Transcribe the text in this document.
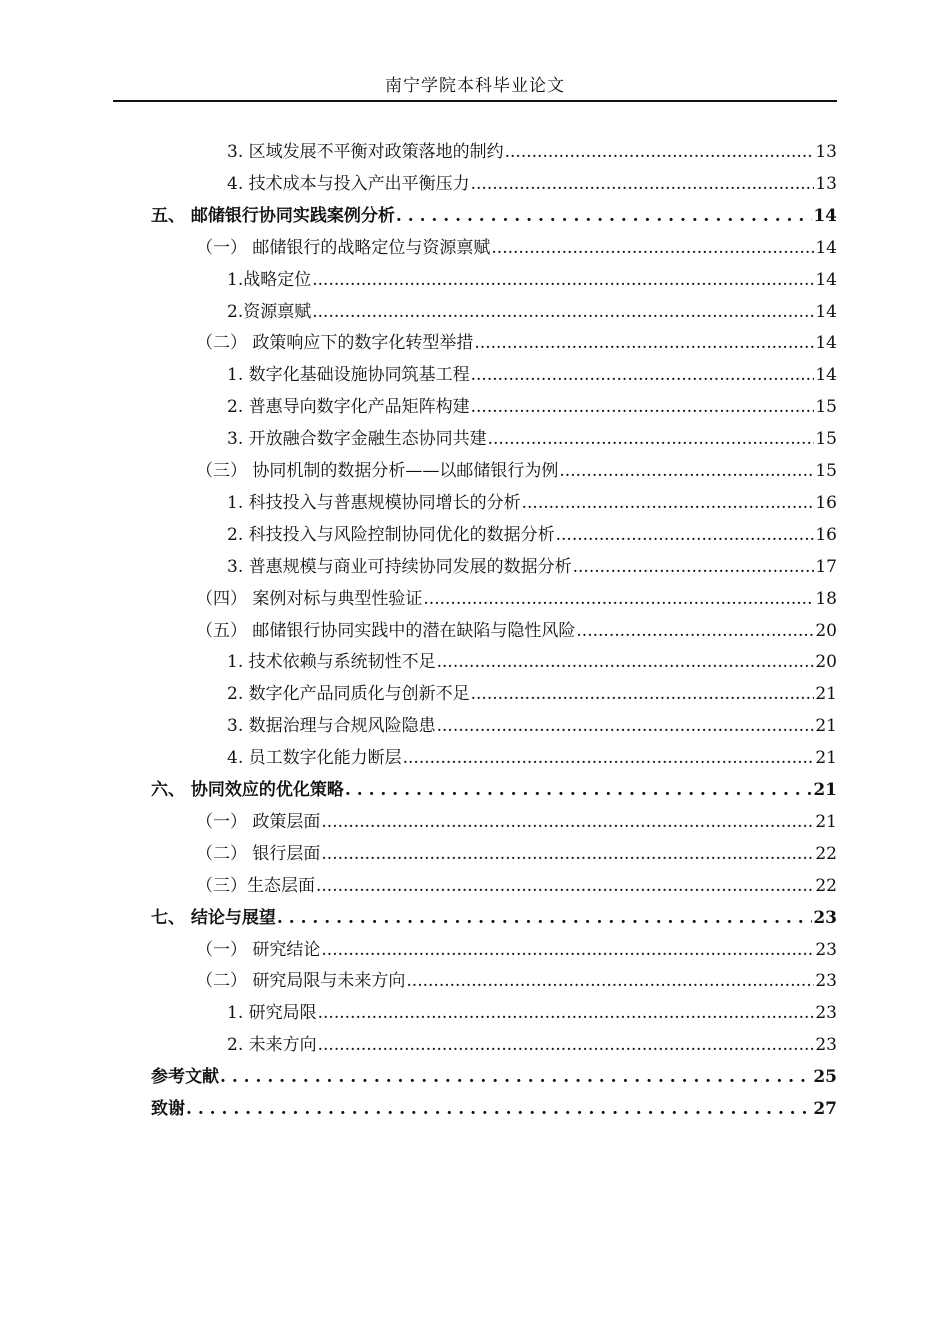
南宁学院本科毕业论文
3. 区域发展不平衡对政策落地的制约 .....	13
4. 技术成本与投入产出平衡压力 .....	13
五、 邮储银行协同实践案例分析 . . .	14
（一） 邮储银行的战略定位与资源禀赋 .....	14
1.战略定位 .....	14
2.资源禀赋 .....	14
（二） 政策响应下的数字化转型举措 .....	14
1. 数字化基础设施协同筑基工程 .....	14
2. 普惠导向数字化产品矩阵构建 .....	15
3. 开放融合数字金融生态协同共建 .....	15
（三） 协同机制的数据分析——以邮储银行为例 .....	15
1. 科技投入与普惠规模协同增长的分析 .....	16
2. 科技投入与风险控制协同优化的数据分析 .....	16
3. 普惠规模与商业可持续协同发展的数据分析 .....	17
（四） 案例对标与典型性验证 .....	18
（五） 邮储银行协同实践中的潜在缺陷与隐性风险 .....	20
1. 技术依赖与系统韧性不足 .....	20
2. 数字化产品同质化与创新不足 .....	21
3. 数据治理与合规风险隐患 .....	21
4. 员工数字化能力断层 .....	21
六、 协同效应的优化策略 . . .	21
（一） 政策层面 .....	21
（二） 银行层面 .....	22
（三）生态层面 .....	22
七、 结论与展望 . . .	23
（一） 研究结论 .....	23
（二） 研究局限与未来方向 .....	23
1. 研究局限 .....	23
2. 未来方向 .....	23
参考文献 . . .	25
致谢 . . .	27
